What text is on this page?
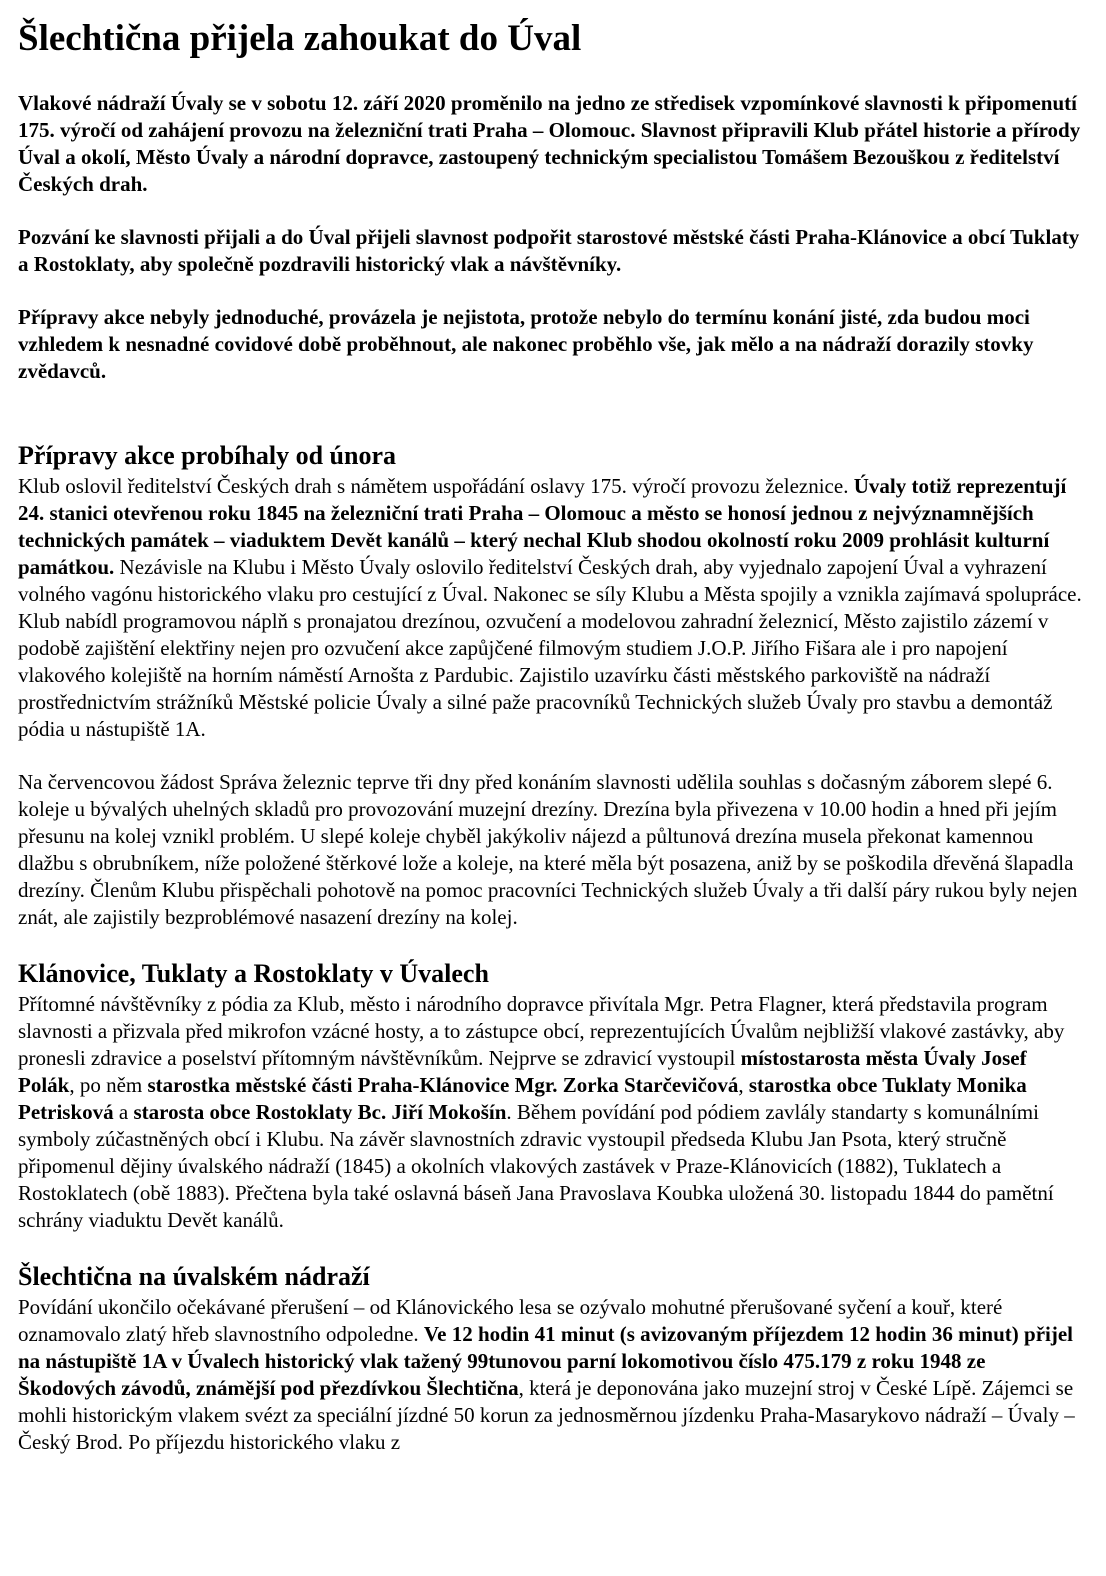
Šlechtična přijela zahoukat do Úval

Vlakové nádraží Úvaly se v sobotu 12. září 2020 proměnilo na jedno ze středisek vzpomínkové slavnosti k připomenutí 175. výročí od zahájení provozu na železniční trati Praha – Olomouc. Slavnost připravili Klub přátel historie a přírody Úval a okolí, Město Úvaly a národní dopravce, zastoupený technickým specialistou Tomášem Bezouškou z ředitelství Českých drah.

Pozvání ke slavnosti přijali a do Úval přijeli slavnost podpořit starostové městské části Praha-Klánovice a obcí Tuklaty a Rostoklaty, aby společně pozdravili historický vlak a návštěvníky.

Přípravy akce nebyly jednoduché, provázela je nejistota, protože nebylo do termínu konání jisté, zda budou moci vzhledem k nesnadné covidové době proběhnout, ale nakonec proběhlo vše, jak mělo a na nádraží dorazily stovky zvědavců.

Přípravy akce probíhaly od února

Klub oslovil ředitelství Českých drah s námětem uspořádání oslavy 175. výročí provozu železnice. Úvaly totiž reprezentují 24. stanici otevřenou roku 1845 na železniční trati Praha – Olomouc a město se honosí jednou z nejvýznamnějších technických památek – viaduktem Devět kanálů – který nechal Klub shodou okolností roku 2009 prohlásit kulturní památkou. Nezávisle na Klubu i Město Úvaly oslovilo ředitelství Českých drah, aby vyjednalo zapojení Úval a vyhrazení volného vagónu historického vlaku pro cestující z Úval. Nakonec se síly Klubu a Města spojily a vznikla zajímavá spolupráce. Klub nabídl programovou náplň s pronajatou drezínou, ozvučení a modelovou zahradní železnicí, Město zajistilo zázemí v podobě zajištění elektřiny nejen pro ozvučení akce zapůjčené filmovým studiem J.O.P. Jiřího Fišara ale i pro napojení vlakového kolejiště na horním náměstí Arnošta z Pardubic. Zajistilo uzavírku části městského parkoviště na nádraží prostřednictvím strážníků Městské policie Úvaly a silné paže pracovníků Technických služeb Úvaly pro stavbu a demontáž pódia u nástupiště 1A.

Na červencovou žádost Správa železnic teprve tři dny před konáním slavnosti udělila souhlas s dočasným záborem slepé 6. koleje u bývalých uhelných skladů pro provozování muzejní drezíny. Drezína byla přivezena v 10.00 hodin a hned při jejím přesunu na kolej vznikl problém. U slepé koleje chyběl jakýkoliv nájezd a půltunová drezína musela překonat kamennou dlažbu s obrubníkem, níže položené štěrkové lože a koleje, na které měla být posazena, aniž by se poškodila dřevěná šlapadla drezíny. Členům Klubu přispěchali pohotově na pomoc pracovníci Technických služeb Úvaly a tři další páry rukou byly nejen znát, ale zajistily bezproblémové nasazení drezíny na kolej.

Klánovice, Tuklaty a Rostoklaty v Úvalech

Přítomné návštěvníky z pódia za Klub, město i národního dopravce přivítala Mgr. Petra Flagner, která představila program slavnosti a přizvala před mikrofon vzácné hosty, a to zástupce obcí, reprezentujících Úvalům nejbližší vlakové zastávky, aby pronesli zdravice a poselství přítomným návštěvníkům. Nejprve se zdravicí vystoupil místostarosta města Úvaly Josef Polák, po něm starostka městské části Praha-Klánovice Mgr. Zorka Starčevičová, starostka obce Tuklaty Monika Petrisková a starosta obce Rostoklaty Bc. Jiří Mokošín. Během povídání pod pódiem zavlály standarty s komunálními symboly zúčastněných obcí i Klubu. Na závěr slavnostních zdravic vystoupil předseda Klubu Jan Psota, který stručně připomenul dějiny úvalského nádraží (1845) a okolních vlakových zastávek v Praze-Klánovicích (1882), Tuklatech a Rostoklatech (obě 1883). Přečtena byla také oslavná báseň Jana Pravoslava Koubka uložená 30. listopadu 1844 do pamětní schrány viaduktu Devět kanálů.

Šlechtična na úvalském nádraží

Povídání ukončilo očekávané přerušení – od Klánovického lesa se ozývalo mohutné přerušované syčení a kouř, které oznamovalo zlatý hřeb slavnostního odpoledne. Ve 12 hodin 41 minut (s avizovaným příjezdem 12 hodin 36 minut) přijel na nástupiště 1A v Úvalech historický vlak tažený 99tunovou parní lokomotivou číslo 475.179 z roku 1948 ze Škodových závodů, známější pod přezdívkou Šlechtična, která je deponována jako muzejní stroj v České Lípě. Zájemci se mohli historickým vlakem svézt za speciální jízdné 50 korun za jednosměrnou jízdenku Praha-Masarykovo nádraží – Úvaly – Český Brod. Po příjezdu historického vlaku z
